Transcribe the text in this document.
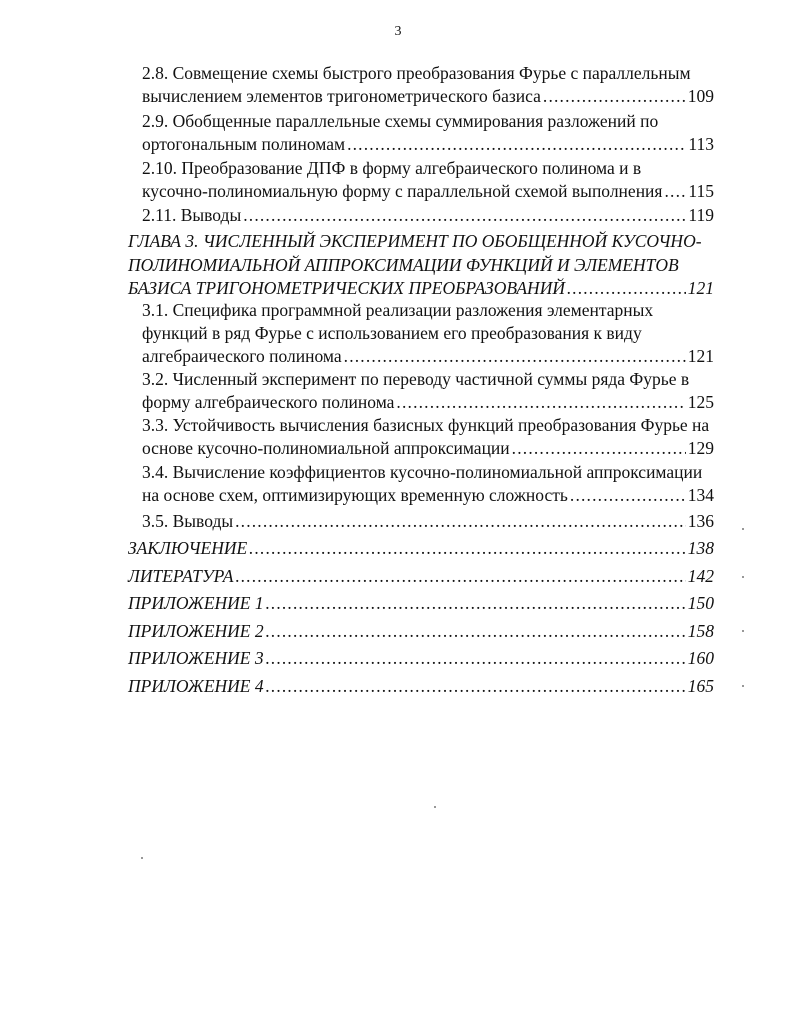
3
2.8. Совмещение схемы быстрого преобразования Фурье с параллельным
вычислением элементов тригонометрического базиса . . .	109
2.9. Обобщенные параллельные схемы суммирования разложений по
ортогональным полиномам . . .	113
2.10. Преобразование ДПФ в форму алгебраического полинома и в
кусочно-полиномиальную форму с параллельной схемой выполнения . . . 115
2.11. Выводы . . .	119
ГЛАВА 3. ЧИСЛЕННЫЙ ЭКСПЕРИМЕНТ ПО ОБОБЩЕННОЙ КУСОЧНО-
ПОЛИНОМИАЛЬНОЙ АППРОКСИМАЦИИ ФУНКЦИЙ И ЭЛЕМЕНТОВ
БАЗИСА ТРИГОНОМЕТРИЧЕСКИХ ПРЕОБРАЗОВАНИЙ . . .	121
3.1. Специфика программной реализации разложения элементарных
функций в ряд Фурье с использованием его преобразования к виду
алгебраического полинома . . .	121
3.2. Численный эксперимент по переводу частичной суммы ряда Фурье в
форму алгебраического полинома . . .	125
3.3. Устойчивость вычисления базисных функций преобразования Фурье на
основе кусочно-полиномиальной аппроксимации . . .	129
3.4. Вычисление коэффициентов кусочно-полиномиальной аппроксимации
на основе схем, оптимизирующих временную сложность . . .	134
3.5. Выводы . . .	136
ЗАКЛЮЧЕНИЕ . . .	138
ЛИТЕРАТУРА . . .	142
ПРИЛОЖЕНИЕ 1 . . .	150
ПРИЛОЖЕНИЕ 2 . . .	158
ПРИЛОЖЕНИЕ 3 . . .	160
ПРИЛОЖЕНИЕ 4 . . .	165
